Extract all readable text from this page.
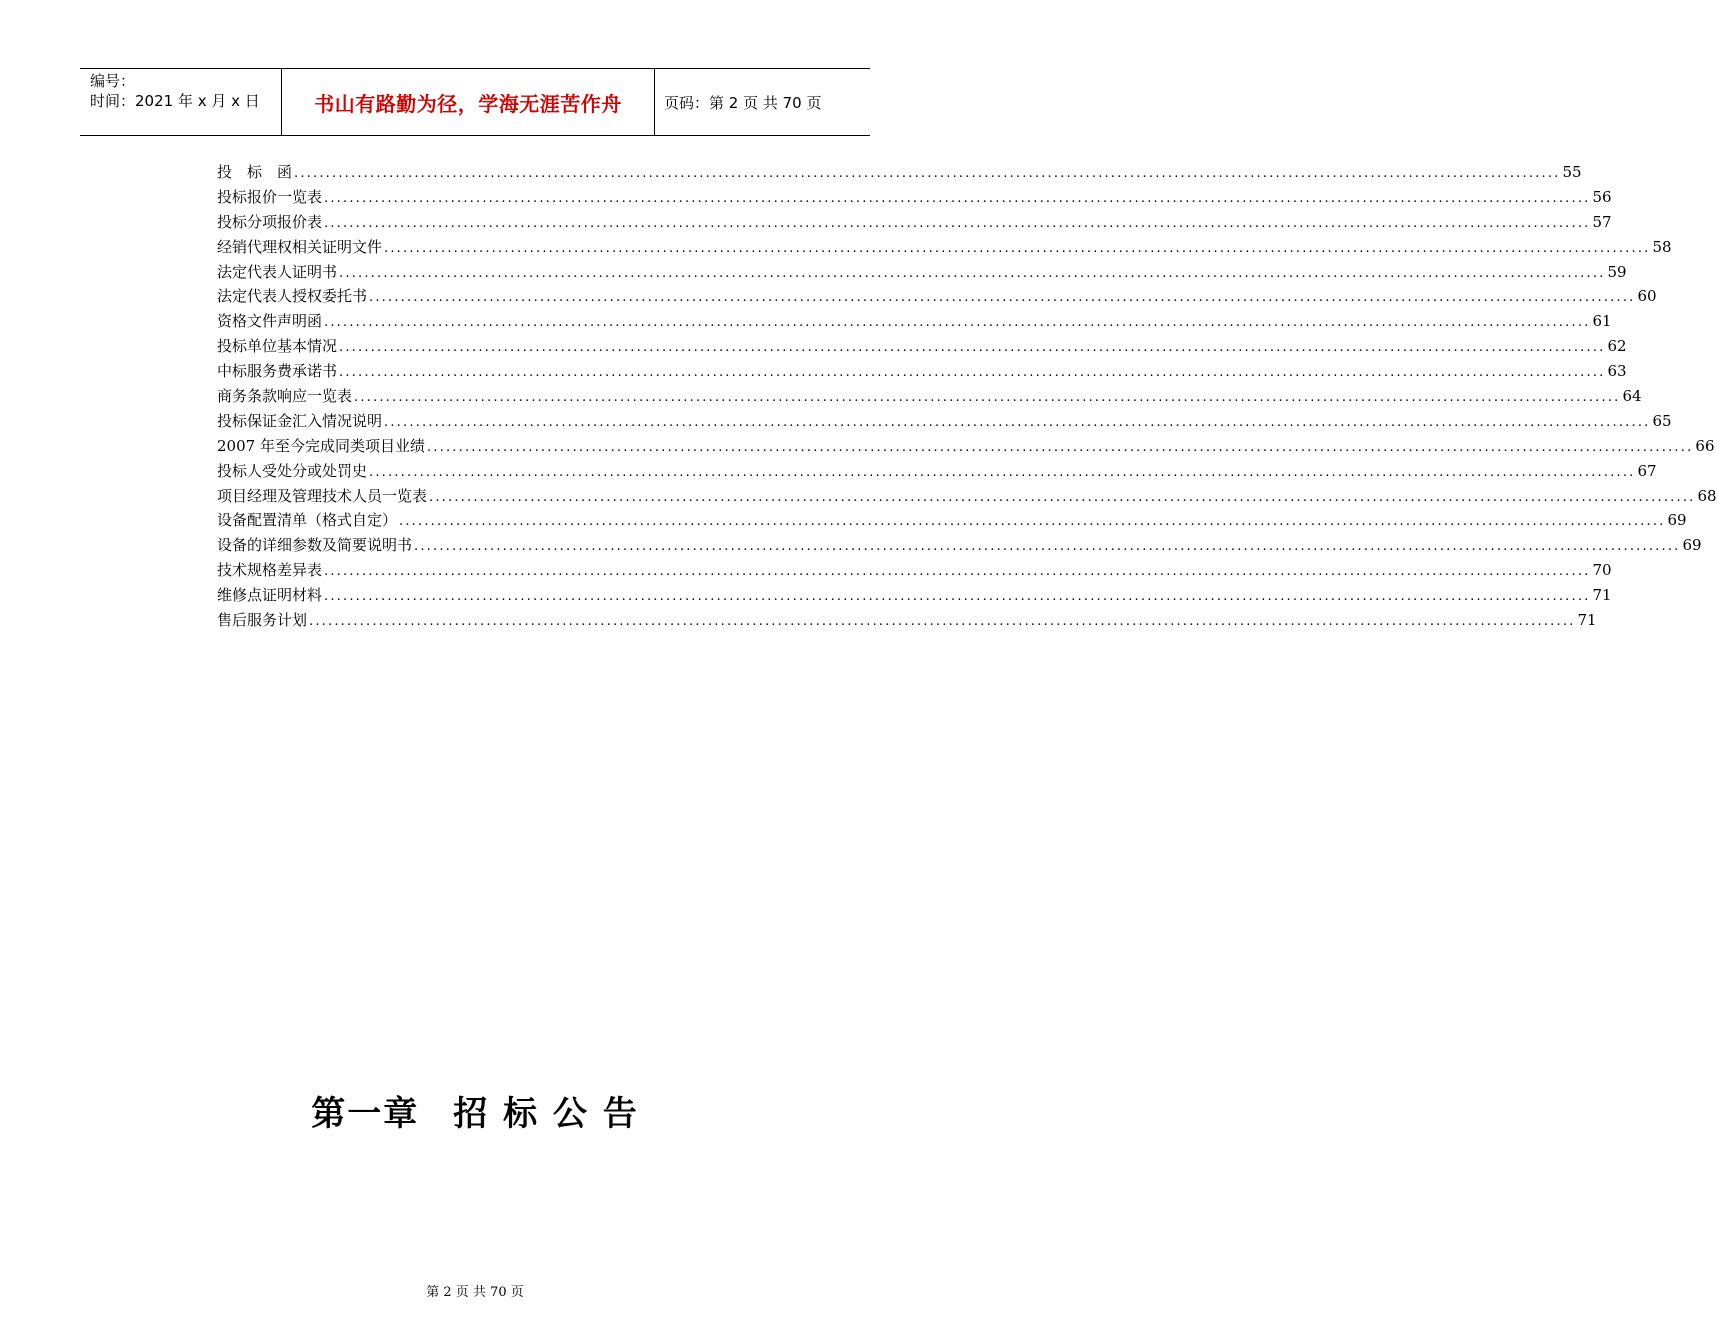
编号：
时间：2021 年 x 月 x 日	书山有路勤为径，学海无涯苦作舟	页码：第 2 页 共 70 页
投　标　函 ........................................................................................................................................................................................................ 55
投标报价一览表 ........................................................................................................................................................................................................ 56
投标分项报价表 ........................................................................................................................................................................................................ 57
经销代理权相关证明文件 ........................................................................................................................................................................................................ 58
法定代表人证明书 ........................................................................................................................................................................................................ 59
法定代表人授权委托书 ........................................................................................................................................................................................................ 60
资格文件声明函 ........................................................................................................................................................................................................ 61
投标单位基本情况 ........................................................................................................................................................................................................ 62
中标服务费承诺书 ........................................................................................................................................................................................................ 63
商务条款响应一览表 ........................................................................................................................................................................................................ 64
投标保证金汇入情况说明 ........................................................................................................................................................................................................ 65
2007 年至今完成同类项目业绩 ........................................................................................................................................................................................................ 66
投标人受处分或处罚史 ........................................................................................................................................................................................................ 67
项目经理及管理技术人员一览表 ........................................................................................................................................................................................................ 68
设备配置清单（格式自定） ........................................................................................................................................................................................................ 69
设备的详细参数及简要说明书 ........................................................................................................................................................................................................ 69
技术规格差异表 ........................................................................................................................................................................................................ 70
维修点证明材料 ........................................................................................................................................................................................................ 71
售后服务计划 ........................................................................................................................................................................................................ 71
第一章 招 标 公 告
第 2 页 共 70 页
